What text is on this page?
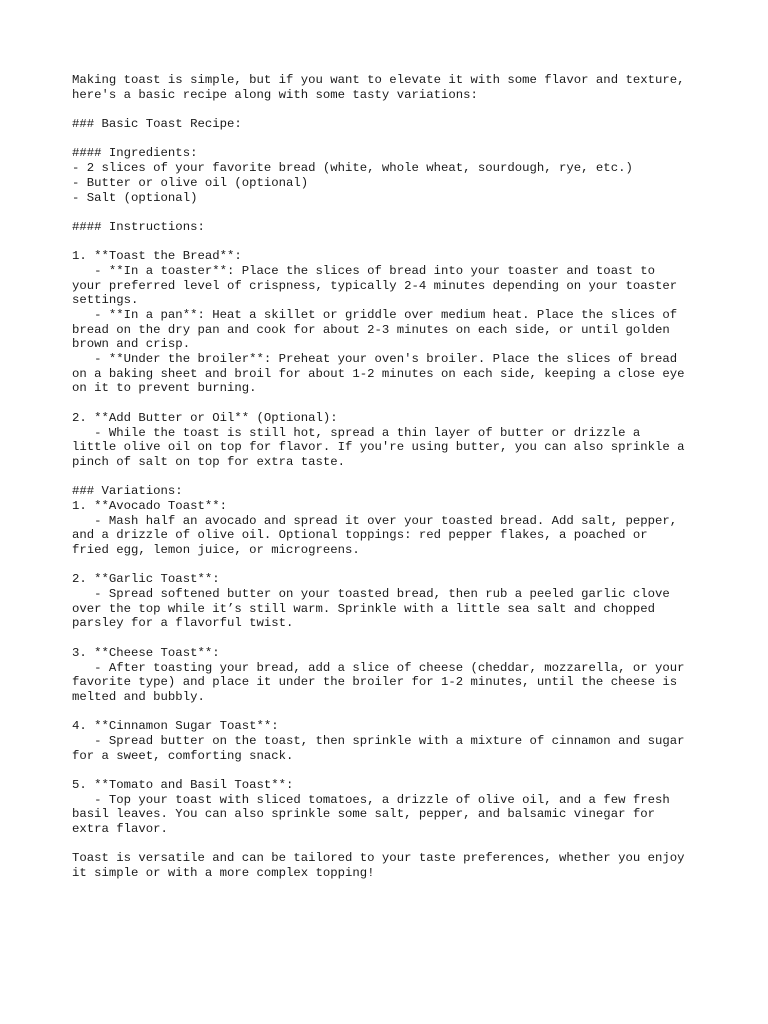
Making toast is simple, but if you want to elevate it with some flavor and texture,
here's a basic recipe along with some tasty variations:
### Basic Toast Recipe:
#### Ingredients:
- 2 slices of your favorite bread (white, whole wheat, sourdough, rye, etc.)
- Butter or olive oil (optional)
- Salt (optional)
#### Instructions:
1. **Toast the Bread**:
- **In a toaster**: Place the slices of bread into your toaster and toast to
your preferred level of crispness, typically 2-4 minutes depending on your toaster
settings.
- **In a pan**: Heat a skillet or griddle over medium heat. Place the slices of
bread on the dry pan and cook for about 2-3 minutes on each side, or until golden
brown and crisp.
- **Under the broiler**: Preheat your oven's broiler. Place the slices of bread
on a baking sheet and broil for about 1-2 minutes on each side, keeping a close eye
on it to prevent burning.
2. **Add Butter or Oil** (Optional):
- While the toast is still hot, spread a thin layer of butter or drizzle a
little olive oil on top for flavor. If you're using butter, you can also sprinkle a
pinch of salt on top for extra taste.
### Variations:
1. **Avocado Toast**:
- Mash half an avocado and spread it over your toasted bread. Add salt, pepper,
and a drizzle of olive oil. Optional toppings: red pepper flakes, a poached or
fried egg, lemon juice, or microgreens.
2. **Garlic Toast**:
- Spread softened butter on your toasted bread, then rub a peeled garlic clove
over the top while it’s still warm. Sprinkle with a little sea salt and chopped
parsley for a flavorful twist.
3. **Cheese Toast**:
- After toasting your bread, add a slice of cheese (cheddar, mozzarella, or your
favorite type) and place it under the broiler for 1-2 minutes, until the cheese is
melted and bubbly.
4. **Cinnamon Sugar Toast**:
- Spread butter on the toast, then sprinkle with a mixture of cinnamon and sugar
for a sweet, comforting snack.
5. **Tomato and Basil Toast**:
- Top your toast with sliced tomatoes, a drizzle of olive oil, and a few fresh
basil leaves. You can also sprinkle some salt, pepper, and balsamic vinegar for
extra flavor.
Toast is versatile and can be tailored to your taste preferences, whether you enjoy
it simple or with a more complex topping!
